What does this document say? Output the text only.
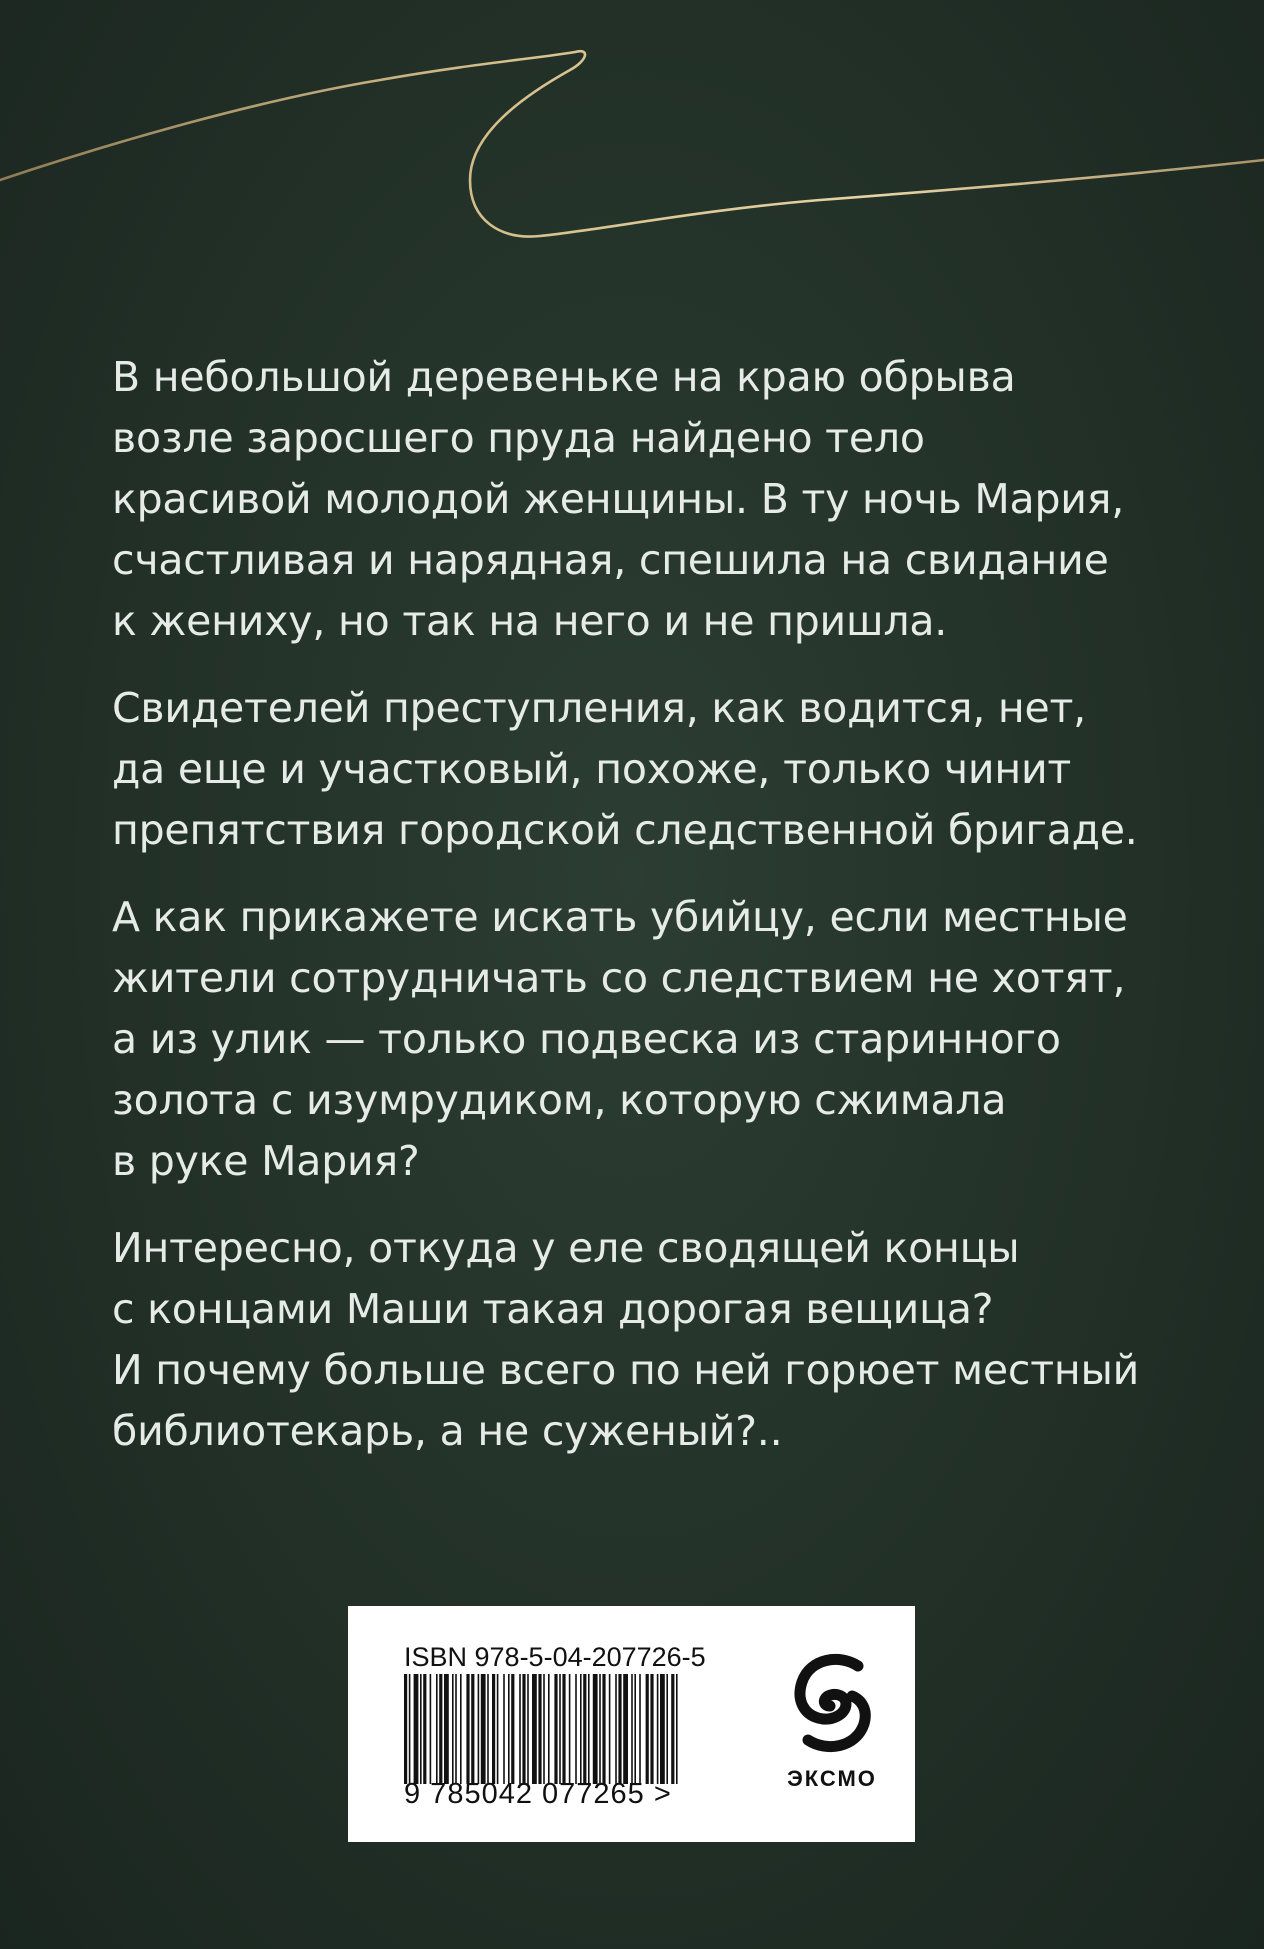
В небольшой деревеньке на краю обрыва
возле заросшего пруда найдено тело
красивой молодой женщины. В ту ночь Мария,
счастливая и нарядная, спешила на свидание
к жениху, но так на него и не пришла.

Свидетелей преступления, как водится, нет,
да еще и участковый, похоже, только чинит
препятствия городской следственной бригаде.

А как прикажете искать убийцу, если местные
жители сотрудничать со следствием не хотят,
а из улик — только подвеска из старинного
золота с изумрудиком, которую сжимала
в руке Мария?

Интересно, откуда у еле сводящей концы
с концами Маши такая дорогая вещица?
И почему больше всего по ней горюет местный
библиотекарь, а не суженый?..

ISBN 978-5-04-207726-5
9 785042 077265 >	ЭКСМО
